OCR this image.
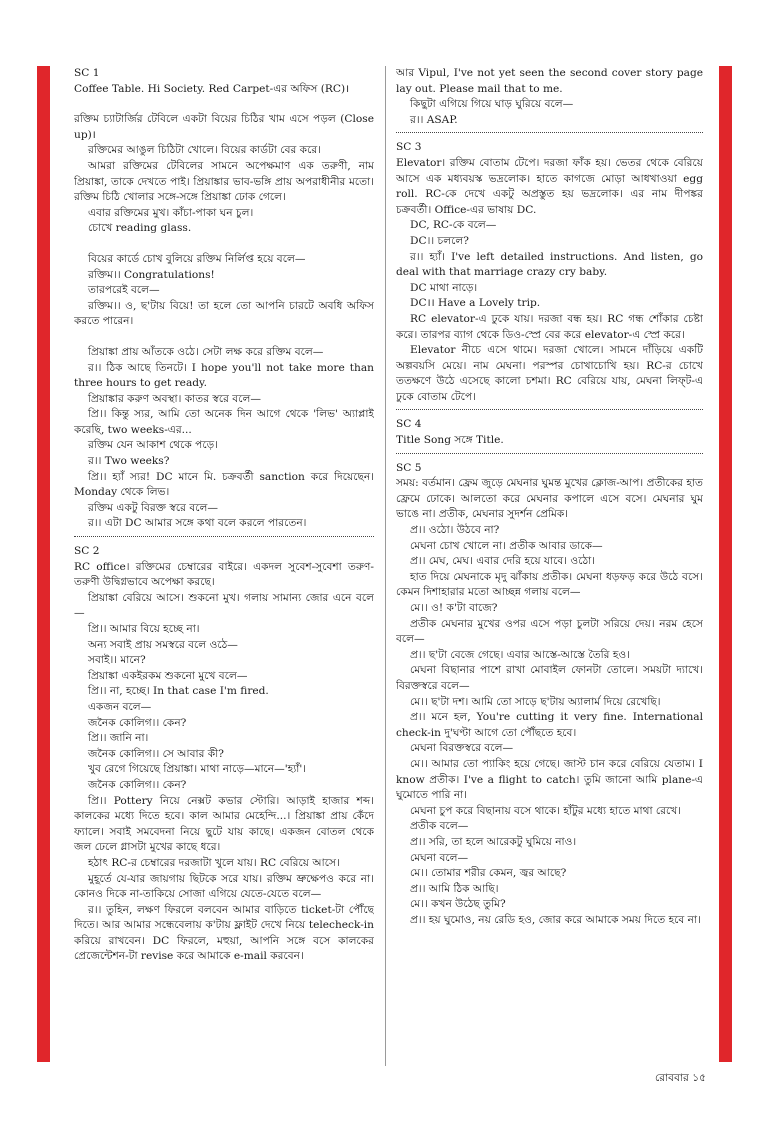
SC 1

Coffee Table. Hi Society. Red Carpet-এর অফিস (RC)।

রক্তিম চ্যাটার্জির টেবিলে একটা বিয়ের চিঠির খাম এসে পড়ল (Close up)।

রক্তিমের আঙুল চিঠিটা খোলে। বিয়ের কার্ডটা বের করে।

আমরা রক্তিমের টেবিলের সামনে অপেক্ষমাণ এক তরুণী, নাম প্রিয়াঙ্কা, তাকে দেখতে পাই। প্রিয়াঙ্কার ভাব-ভঙ্গি প্রায় অপরাধীনীর মতো। রক্তিম চিঠি খোলার সঙ্গে-সঙ্গে প্রিয়াঙ্কা ঢোক গেলে।

এবার রক্তিমের মুখ। কাঁচা-পাকা ঘন চুল।

চোখে reading glass.

বিয়ের কার্ডে চোখ বুলিয়ে রক্তিম নির্লিপ্ত হয়ে বলে—

রক্তিম।। Congratulations!

তারপরেই বলে—

রক্তিম।। ও, ছ'টায় বিয়ে! তা হলে তো আপনি চারটে অবধি অফিস করতে পারেন।

প্রিয়াঙ্কা প্রায় আঁতকে ওঠে। সেটা লক্ষ করে রক্তিম বলে—

র।। ঠিক আছে তিনটে। I hope you'll not take more than three hours to get ready.

প্রিয়াঙ্কার করুণ অবস্থা। কাতর স্বরে বলে—

প্রি।। কিন্তু স্যর, আমি তো অনেক দিন আগে থেকে 'লিভ' অ্যাপ্লাই করেছি, two weeks-এর...

রক্তিম যেন আকাশ থেকে পড়ে।

র।। Two weeks?

প্রি।। হ্যাঁ স্যর! DC মানে মি. চক্রবর্তী sanction করে দিয়েছেন। Monday থেকে লিভ।

রক্তিম একটু বিরক্ত স্বরে বলে—

র।। এটা DC আমার সঙ্গে কথা বলে করলে পারতেন।

SC 2

RC office। রক্তিমের চেম্বারের বাইরে। একদল সুবেশ-সুবেশা তরুণ-তরুণী উদ্বিগ্নভাবে অপেক্ষা করছে।

প্রিয়াঙ্কা বেরিয়ে আসে। শুকনো মুখ। গলায় সামান্য জোর এনে বলে—

প্রি।। আমার বিয়ে হচ্ছে না।

অন্য সবাই প্রায় সমস্বরে বলে ওঠে—

সবাই।। মানে?

প্রিয়াঙ্কা একইরকম শুকনো মুখে বলে—

প্রি।। না, হচ্ছে। In that case I'm fired.

একজন বলে—

জনৈক কোলিগ।। কেন?

প্রি।। জানি না।

জনৈক কোলিগ।। সে আবার কী?

খুব রেগে গিয়েছে প্রিয়াঙ্কা। মাথা নাড়ে—মানে—'হ্যাঁ'।

জনৈক কোলিগ।। কেন?

প্রি।। Pottery নিয়ে নেক্সট কভার স্টোরি। আড়াই হাজার শব্দ। কালকের মধ্যে দিতে হবে। কাল আমার মেহেন্দি...। প্রিয়াঙ্কা প্রায় কেঁদে ফ্যালে। সবাই সমবেদনা নিয়ে ছুটে যায় কাছে। একজন বোতল থেকে জল ঢেলে গ্লাসটা মুখের কাছে ধরে।

হঠাৎ RC-র চেম্বারের দরজাটা খুলে যায়। RC বেরিয়ে আসে।

মুহূর্তে যে-যার জায়গায় ছিটকে সরে যায়। রক্তিম ভ্রুক্ষেপও করে না। কোনও দিকে না-তাকিয়ে সোজা এগিয়ে যেতে-যেতে বলে—

র।। তুহিন, লক্ষণ ফিরলে বলবেন আমার বাড়িতে ticket-টা পৌঁছে দিতে। আর আমার সন্ধেবেলায় ক'টায় ফ্লাইট দেখে নিয়ে telecheck-in করিয়ে রাখবেন। DC ফিরলে, মহুয়া, আপনি সঙ্গে বসে কালকের প্রেজেন্টেশন-টা revise করে আমাকে e-mail করবেন।

আর Vipul, I've not yet seen the second cover story page lay out. Please mail that to me.

কিছুটা এগিয়ে গিয়ে ঘাড় ঘুরিয়ে বলে—

র।। ASAP.

SC 3

Elevator। রক্তিম বোতাম টেপে। দরজা ফাঁক হয়। ভেতর থেকে বেরিয়ে আসে এক মধ্যবয়স্ক ভদ্রলোক। হাতে কাগজে মোড়া আধখাওয়া egg roll. RC-কে দেখে একটু অপ্রস্তুত হয় ভদ্রলোক। এর নাম দীপঙ্কর চক্রবর্তী। Office-এর ভাষায় DC.

DC, RC-কে বলে—

DC।। চললে?

র।। হ্যাঁ। I've left detailed instructions. And listen, go deal with that marriage crazy cry baby.

DC মাথা নাড়ে।

DC।। Have a Lovely trip.

RC elevator-এ ঢুকে যায়। দরজা বন্ধ হয়। RC গন্ধ শোঁকার চেষ্টা করে। তারপর ব্যাগ থেকে ডিও-স্প্রে বের করে elevator-এ স্প্রে করে।

Elevator নীচে এসে থামে। দরজা খোলে। সামনে দাঁড়িয়ে একটি অল্পবয়সি মেয়ে। নাম মেঘনা। পরস্পর চোখাচোখি হয়। RC-র চোখে ততক্ষণে উঠে এসেছে কালো চশমা। RC বেরিয়ে যায়, মেঘনা লিফ্‌ট-এ ঢুকে বোতাম টেপে।

SC 4

Title Song সঙ্গে Title.

SC 5

সময়: বর্তমান। ফ্রেম জুড়ে মেঘনার ঘুমন্ত মুখের ক্লোজ-আপ। প্রতীকের হাত ফ্রেমে ঢোকে। আলতো করে মেঘনার কপালে এসে বসে। মেঘনার ঘুম ভাঙে না। প্রতীক, মেঘনার সুদর্শন প্রেমিক।

প্র।। ওঠো। উঠবে না?

মেঘনা চোখ খোলে না। প্রতীক আবার ডাকে—

প্র।। মেঘ, মেঘ। এবার দেরি হয়ে যাবে। ওঠো।

হাত দিয়ে মেঘনাকে মৃদু ঝাঁকায় প্রতীক। মেঘনা ধড়ফড় করে উঠে বসে। কেমন দিশাহারার মতো আচ্ছন্ন গলায় বলে—

মে।। ও! ক'টা বাজে?

প্রতীক মেঘনার মুখের ওপর এসে পড়া চুলটা সরিয়ে দেয়। নরম হেসে বলে—

প্র।। ছ'টা বেজে গেছে। এবার আস্তে-আস্তে তৈরি হও।

মেঘনা বিছানার পাশে রাখা মোবাইল ফোনটা তোলে। সময়টা দ্যাখে। বিরক্তস্বরে বলে—

মে।। ছ'টা দশ। আমি তো সাড়ে ছ'টায় অ্যালার্ম দিয়ে রেখেছি।

প্র।। মনে হল, You're cutting it very fine. International check-in দু'ঘণ্টা আগে তো পৌঁছতে হবে।

মেঘনা বিরক্তস্বরে বলে—

মে।। আমার তো প্যাকিং হয়ে গেছে। জাস্ট চান করে বেরিয়ে যেতাম। I know প্রতীক। I've a flight to catch। তুমি জানো আমি plane-এ ঘুমোতে পারি না।

মেঘনা চুপ করে বিছানায় বসে থাকে। হাঁটুর মধ্যে হাতে মাথা রেখে।

প্রতীক বলে—

প্র।। সরি, তা হলে আরেকটু ঘুমিয়ে নাও।

মেঘনা বলে—

মে।। তোমার শরীর কেমন, জ্বর আছে?

প্র।। আমি ঠিক আছি।

মে।। কখন উঠেছ তুমি?

প্র।। হয় ঘুমোও, নয় রেডি হও, জোর করে আমাকে সময় দিতে হবে না।

রোববার ১৫
